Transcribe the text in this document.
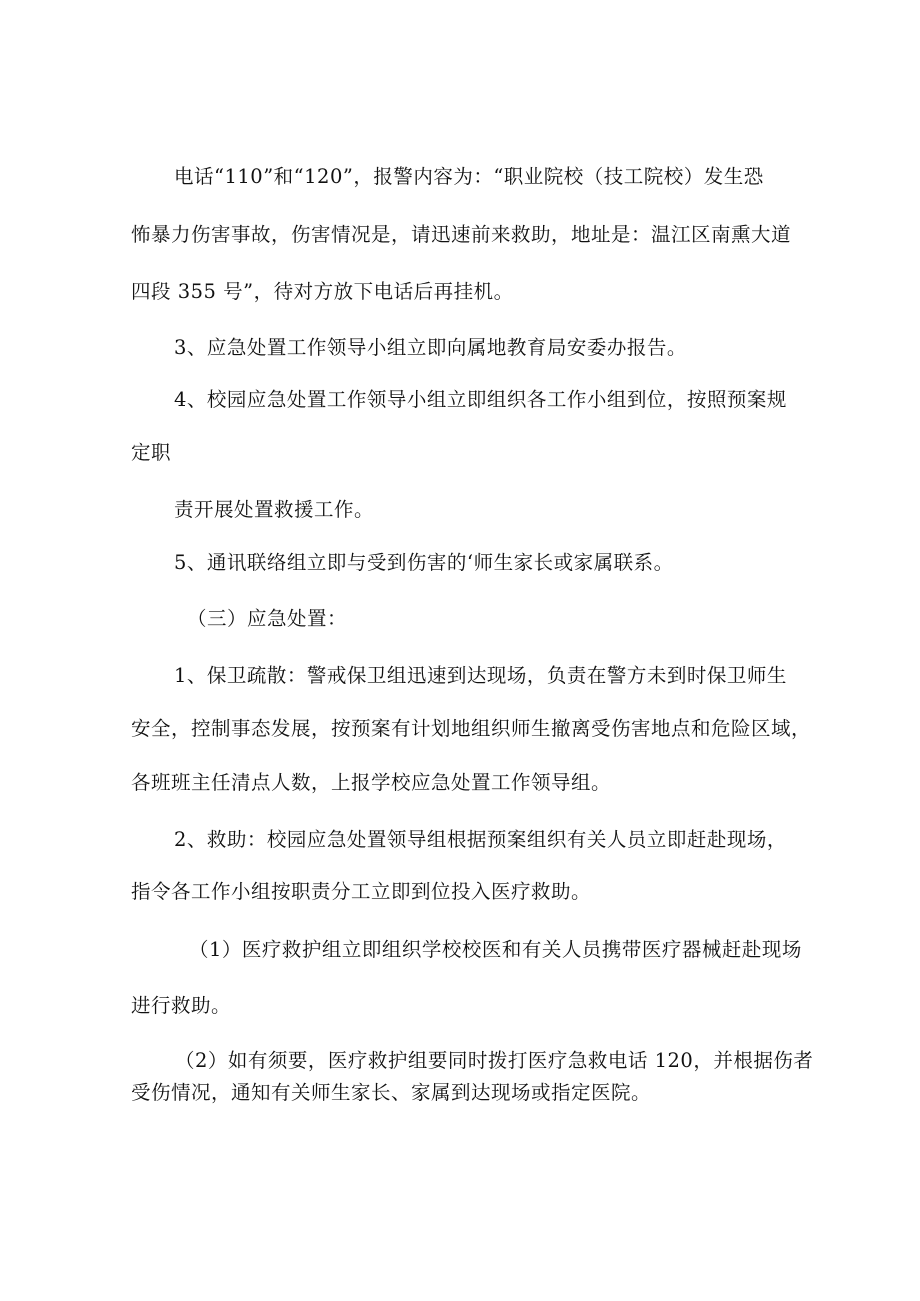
电话“110”和“120”，报警内容为：“职业院校（技工院校）发生恐
怖暴力伤害事故，伤害情况是，请迅速前来救助，地址是：温江区南熏大道
四段 355 号”，待对方放下电话后再挂机。
3、应急处置工作领导小组立即向属地教育局安委办报告。
4、校园应急处置工作领导小组立即组织各工作小组到位，按照预案规
定职
责开展处置救援工作。
5、通讯联络组立即与受到伤害的‘师生家长或家属联系。
（三）应急处置：
1、保卫疏散：警戒保卫组迅速到达现场，负责在警方未到时保卫师生
安全，控制事态发展，按预案有计划地组织师生撤离受伤害地点和危险区域，
各班班主任清点人数，上报学校应急处置工作领导组。
2、救助：校园应急处置领导组根据预案组织有关人员立即赶赴现场，
指令各工作小组按职责分工立即到位投入医疗救助。
（1）医疗救护组立即组织学校校医和有关人员携带医疗器械赶赴现场
进行救助。
（2）如有须要，医疗救护组要同时拨打医疗急救电话 120，并根据伤者
受伤情况，通知有关师生家长、家属到达现场或指定医院。
